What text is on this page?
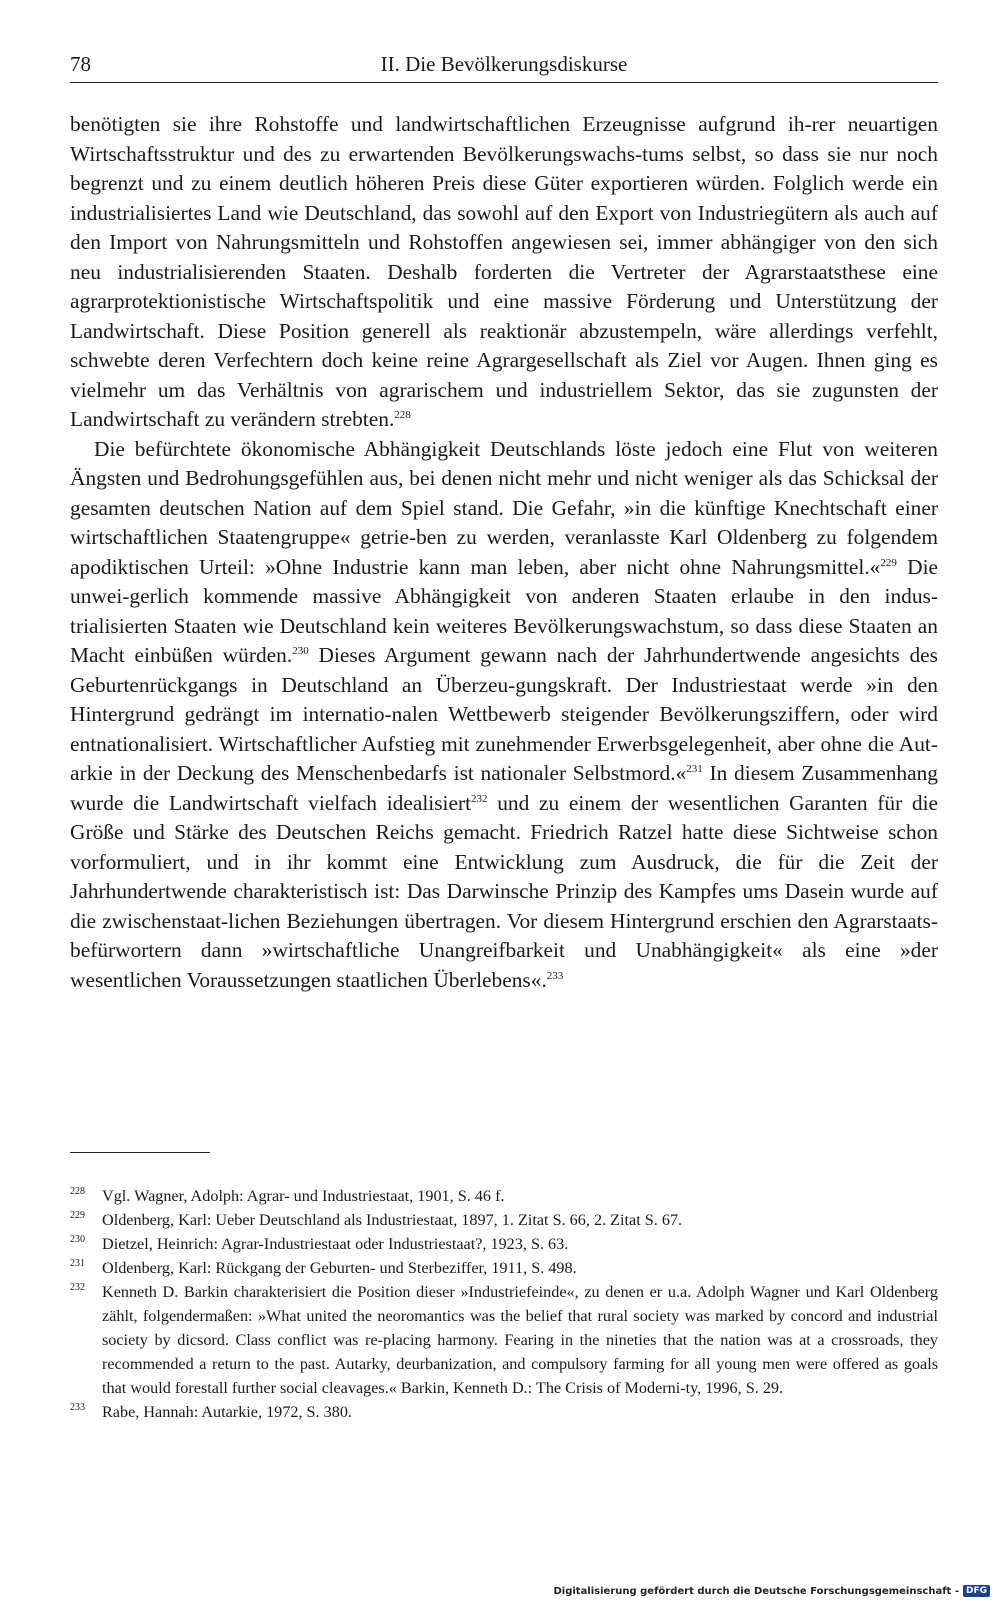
78	II. Die Bevölkerungsdiskurse

benötigten sie ihre Rohstoffe und landwirtschaftlichen Erzeugnisse aufgrund ih-rer neuartigen Wirtschaftsstruktur und des zu erwartenden Bevölkerungswachs-tums selbst, so dass sie nur noch begrenzt und zu einem deutlich höheren Preis diese Güter exportieren würden. Folglich werde ein industrialisiertes Land wie Deutschland, das sowohl auf den Export von Industriegütern als auch auf den Import von Nahrungsmitteln und Rohstoffen angewiesen sei, immer abhängiger von den sich neu industrialisierenden Staaten. Deshalb forderten die Vertreter der Agrarstaatsthese eine agrarprotektionistische Wirtschaftspolitik und eine massive Förderung und Unterstützung der Landwirtschaft. Diese Position generell als reaktionär abzustempeln, wäre allerdings verfehlt, schwebte deren Verfechtern doch keine reine Agrargesellschaft als Ziel vor Augen. Ihnen ging es vielmehr um das Verhältnis von agrarischem und industriellem Sektor, das sie zugunsten der Landwirtschaft zu verändern strebten.$^{228}$

Die befürchtete ökonomische Abhängigkeit Deutschlands löste jedoch eine Flut von weiteren Ängsten und Bedrohungsgefühlen aus, bei denen nicht mehr und nicht weniger als das Schicksal der gesamten deutschen Nation auf dem Spiel stand. Die Gefahr, »in die künftige Knechtschaft einer wirtschaftlichen Staatengruppe« getrie-ben zu werden, veranlasste Karl Oldenberg zu folgendem apodiktischen Urteil: »Ohne Industrie kann man leben, aber nicht ohne Nahrungsmittel.«$^{229}$ Die unwei-gerlich kommende massive Abhängigkeit von anderen Staaten erlaube in den indus-trialisierten Staaten wie Deutschland kein weiteres Bevölkerungswachstum, so dass diese Staaten an Macht einbüßen würden.$^{230}$ Dieses Argument gewann nach der Jahrhundertwende angesichts des Geburtenrückgangs in Deutschland an Überzeu-gungskraft. Der Industriestaat werde »in den Hintergrund gedrängt im internatio-nalen Wettbewerb steigender Bevölkerungsziffern, oder wird entnationalisiert. Wirtschaftlicher Aufstieg mit zunehmender Erwerbsgelegenheit, aber ohne die Aut-arkie in der Deckung des Menschenbedarfs ist nationaler Selbstmord.«$^{231}$ In diesem Zusammenhang wurde die Landwirtschaft vielfach idealisiert$^{232}$ und zu einem der wesentlichen Garanten für die Größe und Stärke des Deutschen Reichs gemacht. Friedrich Ratzel hatte diese Sichtweise schon vorformuliert, und in ihr kommt eine Entwicklung zum Ausdruck, die für die Zeit der Jahrhundertwende charakteristisch ist: Das Darwinsche Prinzip des Kampfes ums Dasein wurde auf die zwischenstaat-lichen Beziehungen übertragen. Vor diesem Hintergrund erschien den Agrarstaats-befürwortern dann »wirtschaftliche Unangreifbarkeit und Unabhängigkeit« als eine »der wesentlichen Voraussetzungen staatlichen Überlebens«.$^{233}$

228	Vgl. Wagner, Adolph: Agrar- und Industriestaat, 1901, S. 46 f.
229	Oldenberg, Karl: Ueber Deutschland als Industriestaat, 1897, 1. Zitat S. 66, 2. Zitat S. 67.
230	Dietzel, Heinrich: Agrar-Industriestaat oder Industriestaat?, 1923, S. 63.
231	Oldenberg, Karl: Rückgang der Geburten- und Sterbeziffer, 1911, S. 498.
232	Kenneth D. Barkin charakterisiert die Position dieser »Industriefeinde«, zu denen er u.a. Adolph Wagner und Karl Oldenberg zählt, folgendermaßen: »What united the neoromantics was the belief that rural society was marked by concord and industrial society by dicsord. Class conflict was re-placing harmony. Fearing in the nineties that the nation was at a crossroads, they recommended a return to the past. Autarky, deurbanization, and compulsory farming for all young men were offered as goals that would forestall further social cleavages.« Barkin, Kenneth D.: The Crisis of Moderni-ty, 1996, S. 29.
233	Rabe, Hannah: Autarkie, 1972, S. 380.
Digitalisierung gefördert durch die Deutsche Forschungsgemeinschaft - DFG
